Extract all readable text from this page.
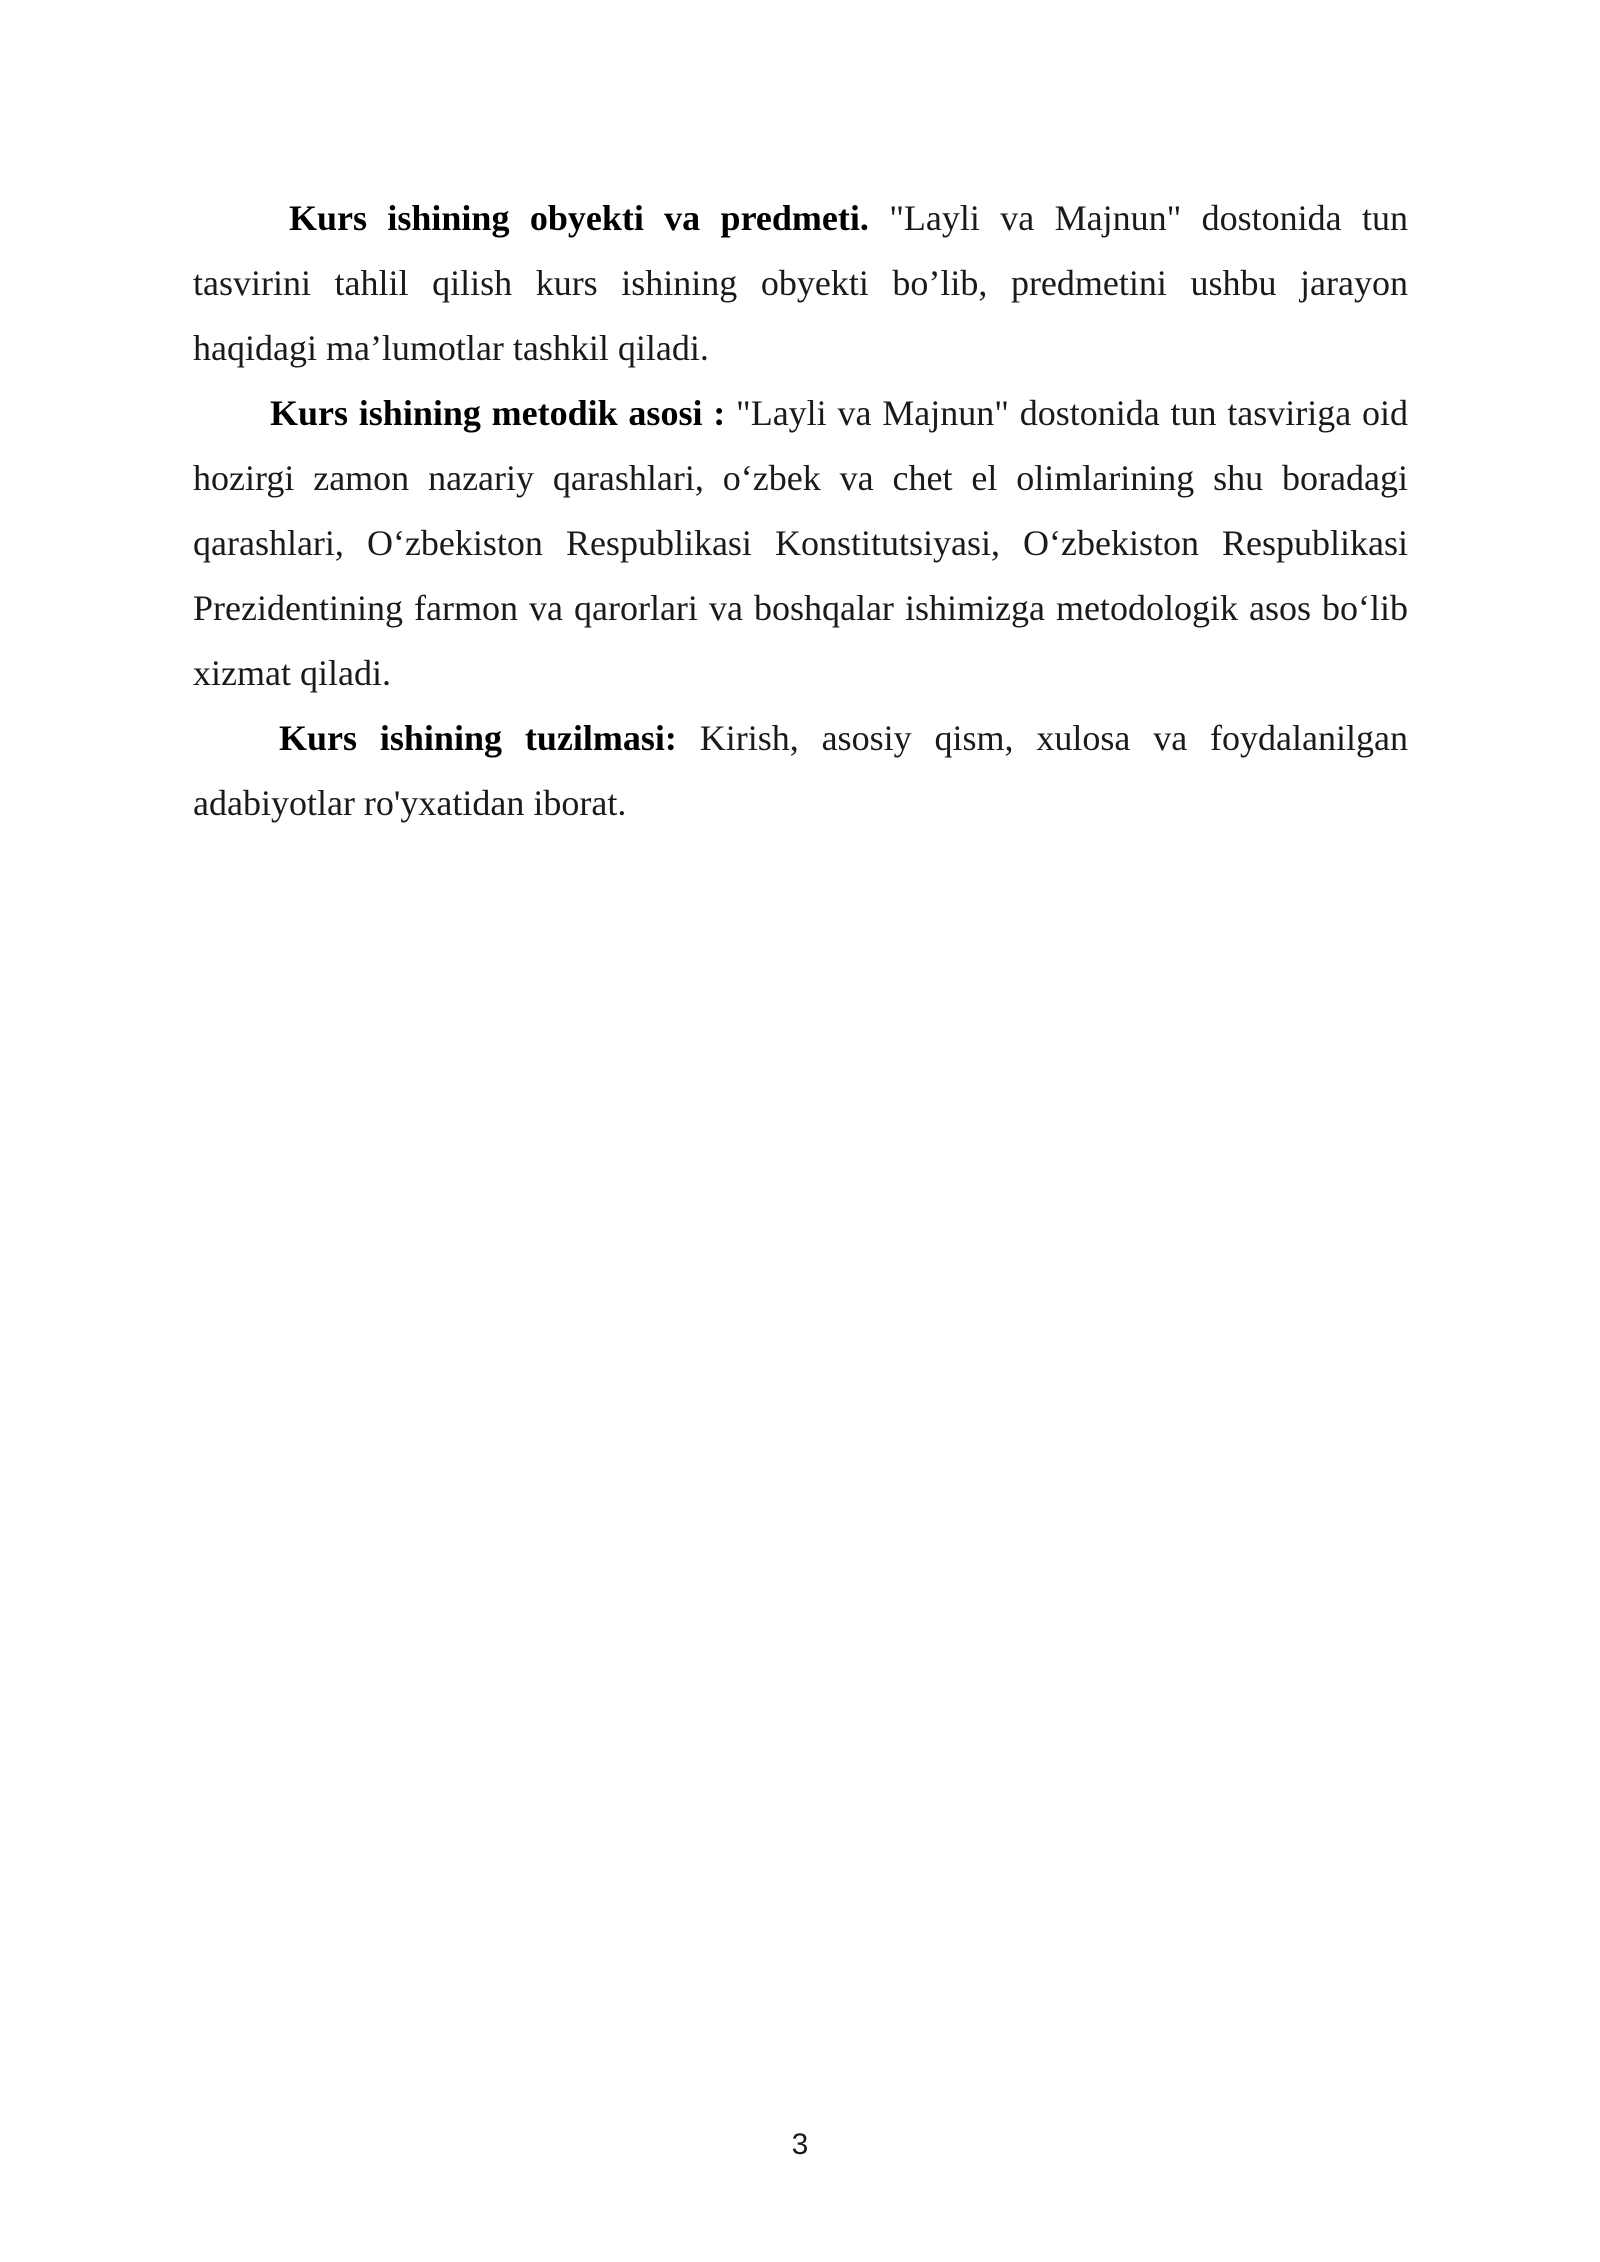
Kurs ishining obyekti va predmeti. "Layli va Majnun" dostonida tun tasvirini tahlil qilish kurs ishining obyekti bo’lib, predmetini ushbu jarayon haqidagi ma’lumotlar tashkil qiladi.

Kurs ishining metodik asosi : "Layli va Majnun" dostonida tun tasviriga oid hozirgi zamon nazariy qarashlari, o‘zbek va chet el olimlarining shu boradagi qarashlari, O‘zbekiston Respublikasi Konstitutsiyasi, O‘zbekiston Respublikasi Prezidentining farmon va qarorlari va boshqalar ishimizga metodologik asos bo‘lib xizmat qiladi.

Kurs ishining tuzilmasi: Kirish, asosiy qism, xulosa va foydalanilgan adabiyotlar ro'yxatidan iborat.

3
